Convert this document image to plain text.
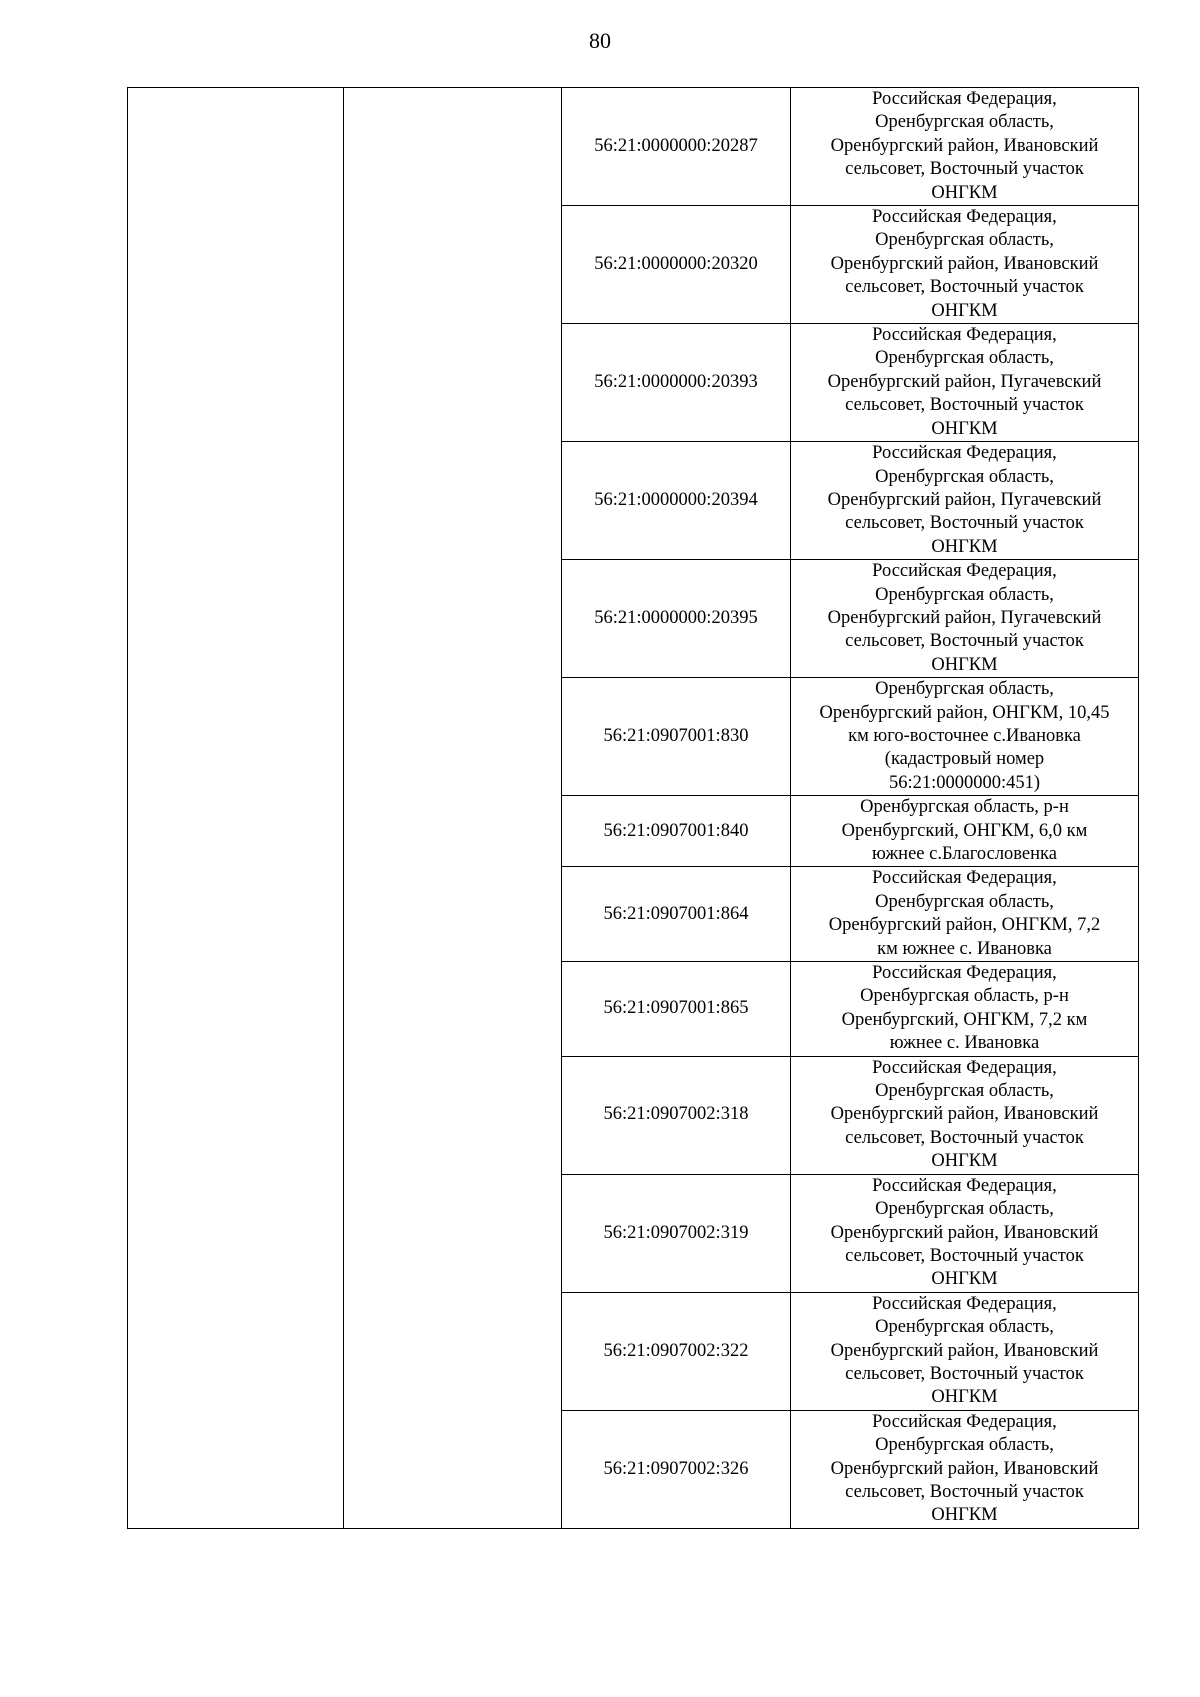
80
		56:21:0000000:20287	Российская Федерация,
Оренбургская область,
Оренбургский район, Ивановский
сельсовет, Восточный участок
ОНГКМ

		56:21:0000000:20320	Российская Федерация,
Оренбургская область,
Оренбургский район, Ивановский
сельсовет, Восточный участок
ОНГКМ

		56:21:0000000:20393	Российская Федерация,
Оренбургская область,
Оренбургский район, Пугачевский
сельсовет, Восточный участок
ОНГКМ

		56:21:0000000:20394	Российская Федерация,
Оренбургская область,
Оренбургский район, Пугачевский
сельсовет, Восточный участок
ОНГКМ

		56:21:0000000:20395	Российская Федерация,
Оренбургская область,
Оренбургский район, Пугачевский
сельсовет, Восточный участок
ОНГКМ

		56:21:0907001:830	Оренбургская область,
Оренбургский район, ОНГКМ, 10,45
км юго-восточнее с.Ивановка
(кадастровый номер
56:21:0000000:451)

		56:21:0907001:840	Оренбургская область, р-н
Оренбургский, ОНГКМ, 6,0 км
южнее с.Благословенка

		56:21:0907001:864	Российская Федерация,
Оренбургская область,
Оренбургский район, ОНГКМ, 7,2
км южнее с. Ивановка

		56:21:0907001:865	Российская Федерация,
Оренбургская область, р-н
Оренбургский, ОНГКМ, 7,2 км
южнее с. Ивановка

		56:21:0907002:318	Российская Федерация,
Оренбургская область,
Оренбургский район, Ивановский
сельсовет, Восточный участок
ОНГКМ

		56:21:0907002:319	Российская Федерация,
Оренбургская область,
Оренбургский район, Ивановский
сельсовет, Восточный участок
ОНГКМ

		56:21:0907002:322	Российская Федерация,
Оренбургская область,
Оренбургский район, Ивановский
сельсовет, Восточный участок
ОНГКМ

		56:21:0907002:326	Российская Федерация,
Оренбургская область,
Оренбургский район, Ивановский
сельсовет, Восточный участок
ОНГКМ
